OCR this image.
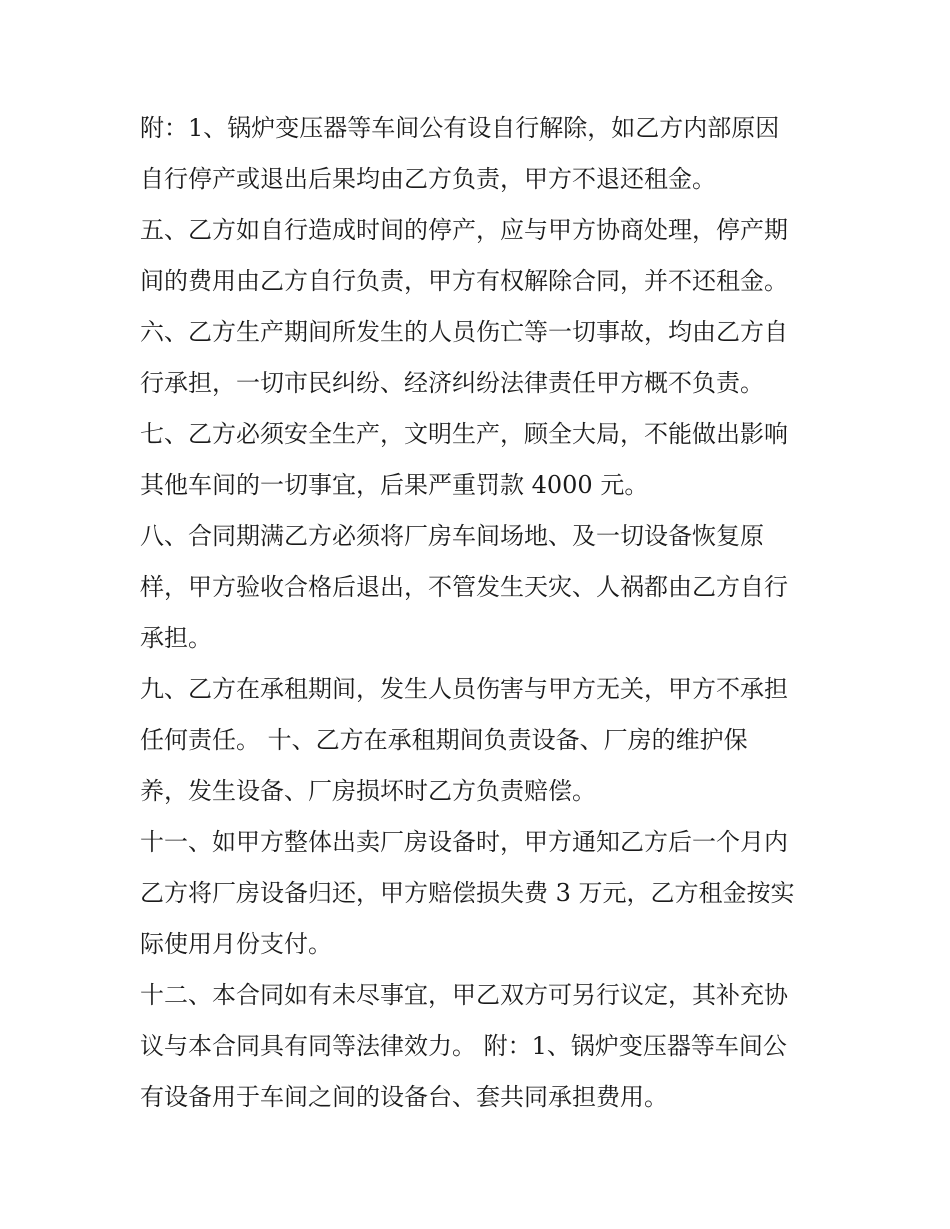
附：1、锅炉变压器等车间公有设自行解除，如乙方内部原因
自行停产或退出后果均由乙方负责，甲方不退还租金。
五、乙方如自行造成时间的停产，应与甲方协商处理，停产期
间的费用由乙方自行负责，甲方有权解除合同，并不还租金。
六、乙方生产期间所发生的人员伤亡等一切事故，均由乙方自
行承担，一切市民纠纷、经济纠纷法律责任甲方概不负责。
七、乙方必须安全生产，文明生产，顾全大局，不能做出影响
其他车间的一切事宜，后果严重罚款 4000 元。
八、合同期满乙方必须将厂房车间场地、及一切设备恢复原
样，甲方验收合格后退出，不管发生天灾、人祸都由乙方自行
承担。
九、乙方在承租期间，发生人员伤害与甲方无关，甲方不承担
任何责任。 十、乙方在承租期间负责设备、厂房的维护保
养，发生设备、厂房损坏时乙方负责赔偿。
十一、如甲方整体出卖厂房设备时，甲方通知乙方后一个月内
乙方将厂房设备归还，甲方赔偿损失费 3 万元，乙方租金按实
际使用月份支付。
十二、本合同如有未尽事宜，甲乙双方可另行议定，其补充协
议与本合同具有同等法律效力。 附：1、锅炉变压器等车间公
有设备用于车间之间的设备台、套共同承担费用。
